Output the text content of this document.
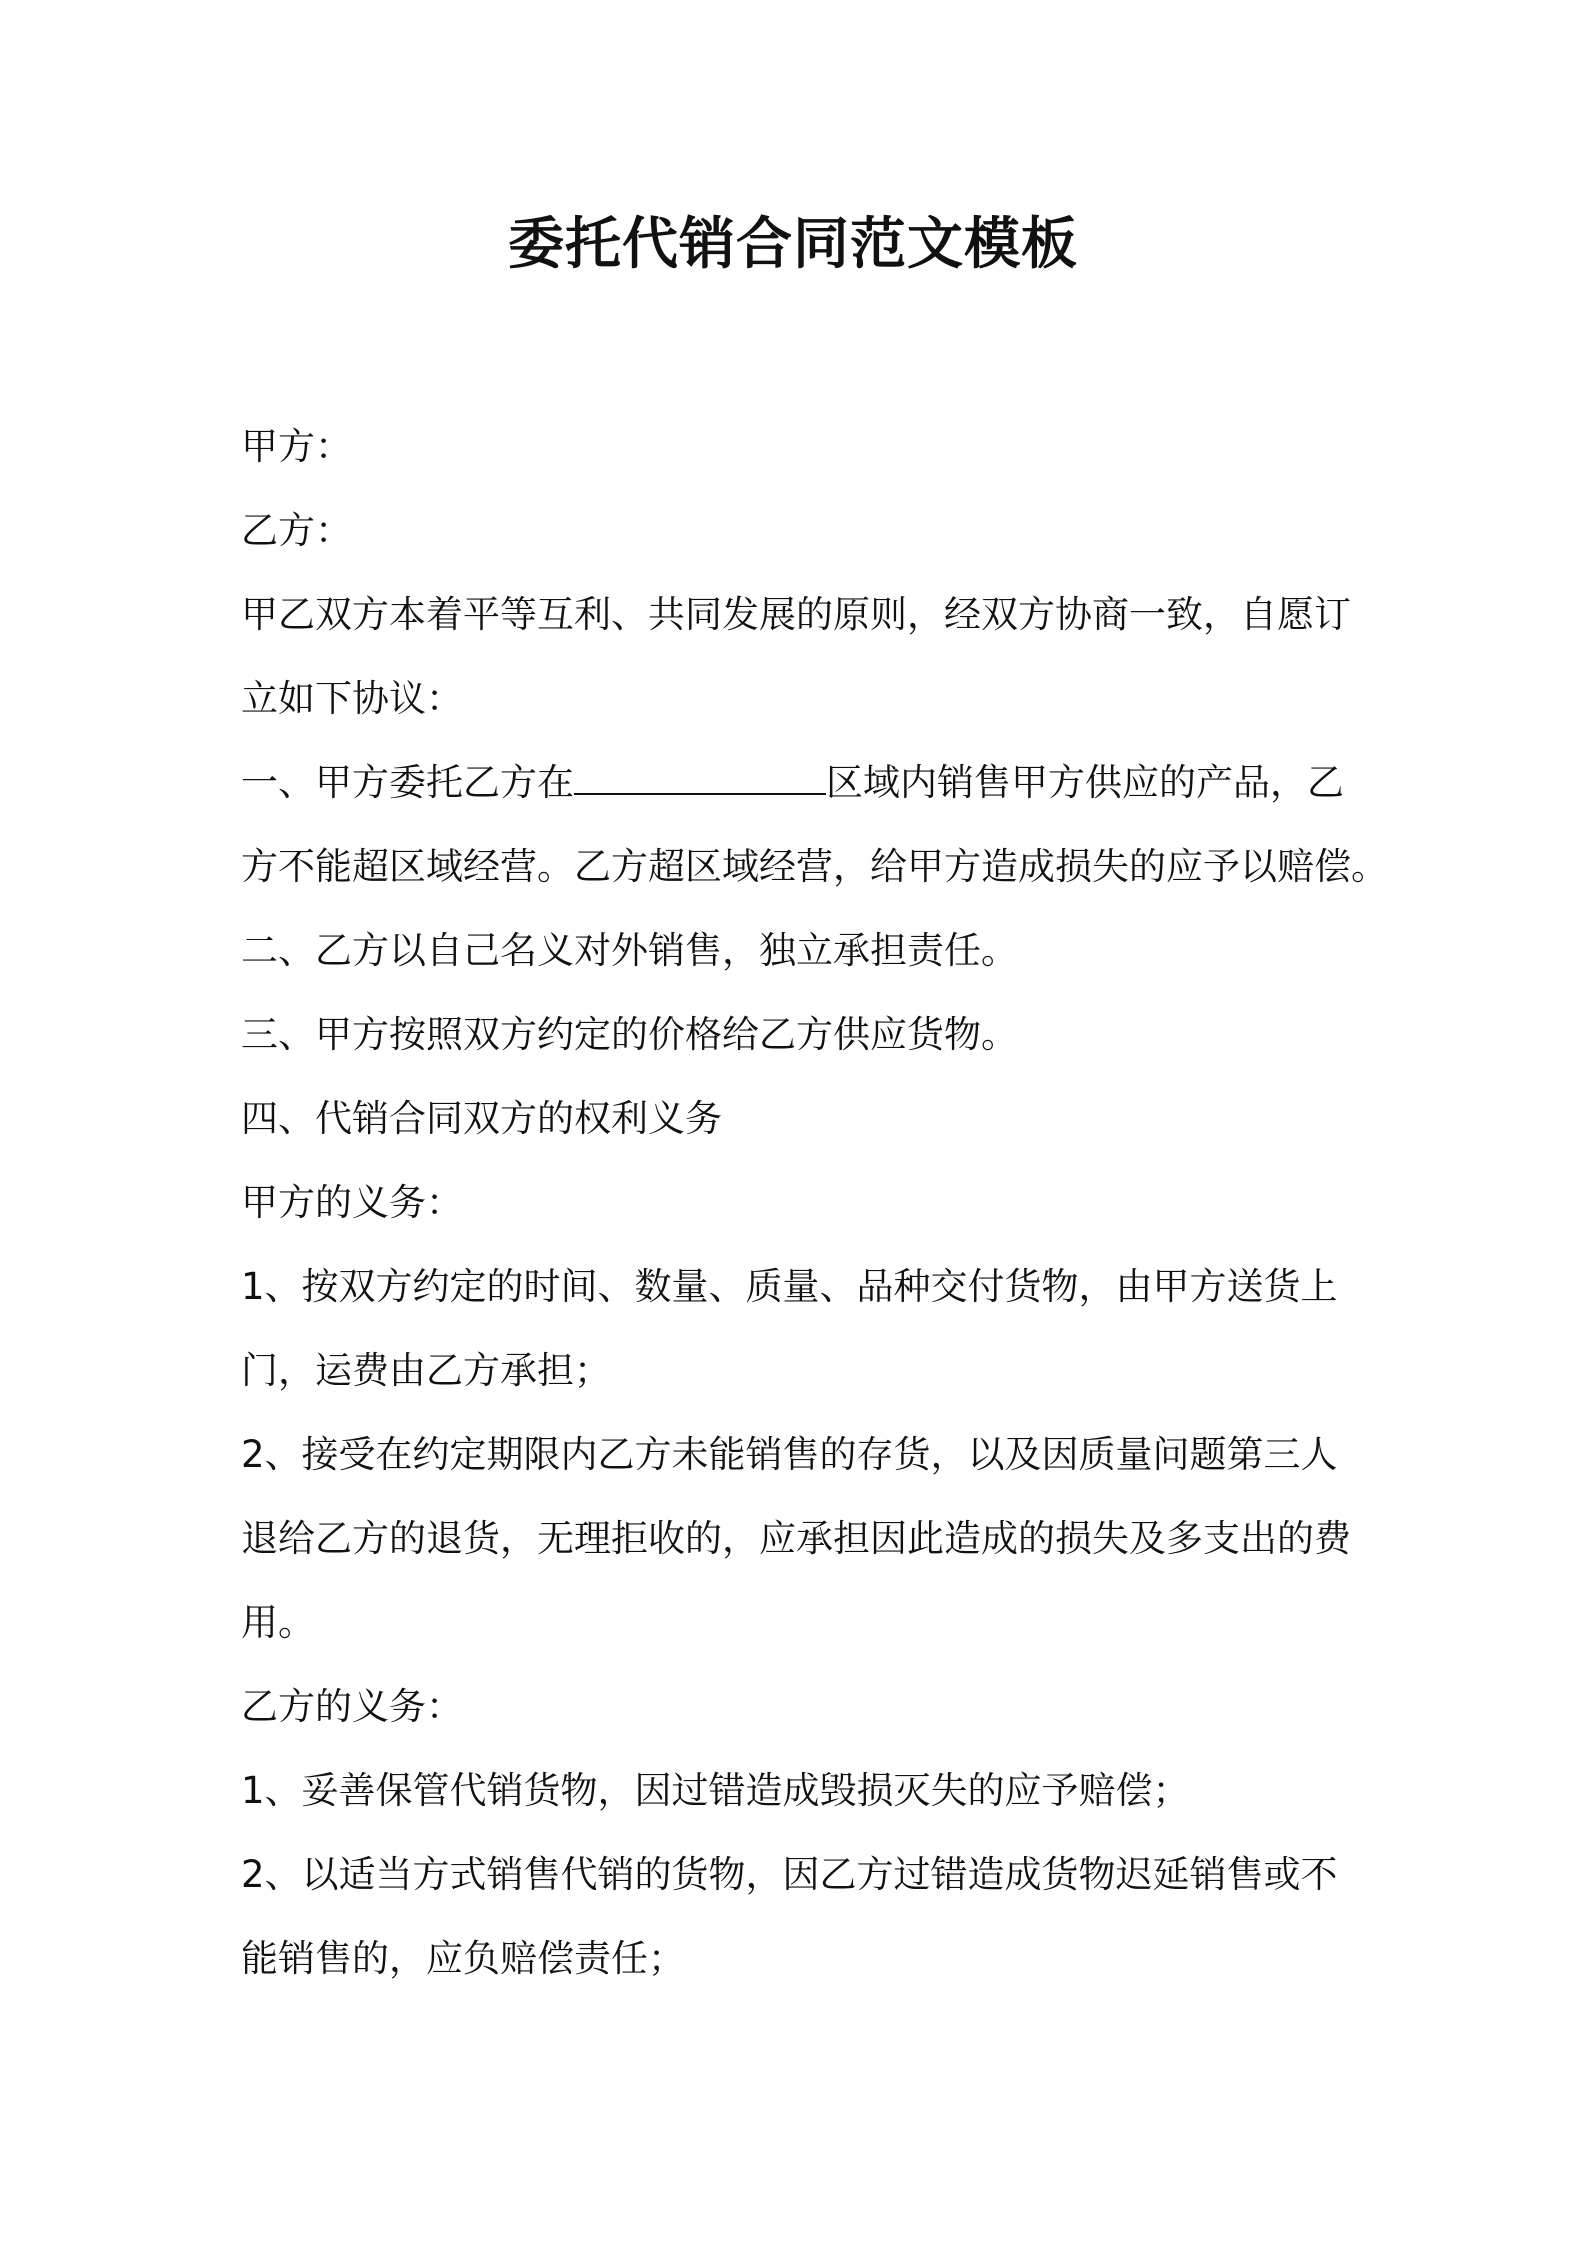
委托代销合同范文模板

甲方：

乙方：

甲乙双方本着平等互利、共同发展的原则，经双方协商一致，自愿订

立如下协议：

一、甲方委托乙方在	区域内销售甲方供应的产品，乙

方不能超区域经营。乙方超区域经营，给甲方造成损失的应予以赔偿。

二、乙方以自己名义对外销售，独立承担责任。

三、甲方按照双方约定的价格给乙方供应货物。

四、代销合同双方的权利义务

甲方的义务：

1、按双方约定的时间、数量、质量、品种交付货物，由甲方送货上

门，运费由乙方承担；

2、接受在约定期限内乙方未能销售的存货，以及因质量问题第三人

退给乙方的退货，无理拒收的，应承担因此造成的损失及多支出的费

用。

乙方的义务：

1、妥善保管代销货物，因过错造成毁损灭失的应予赔偿；

2、以适当方式销售代销的货物，因乙方过错造成货物迟延销售或不

能销售的，应负赔偿责任；
